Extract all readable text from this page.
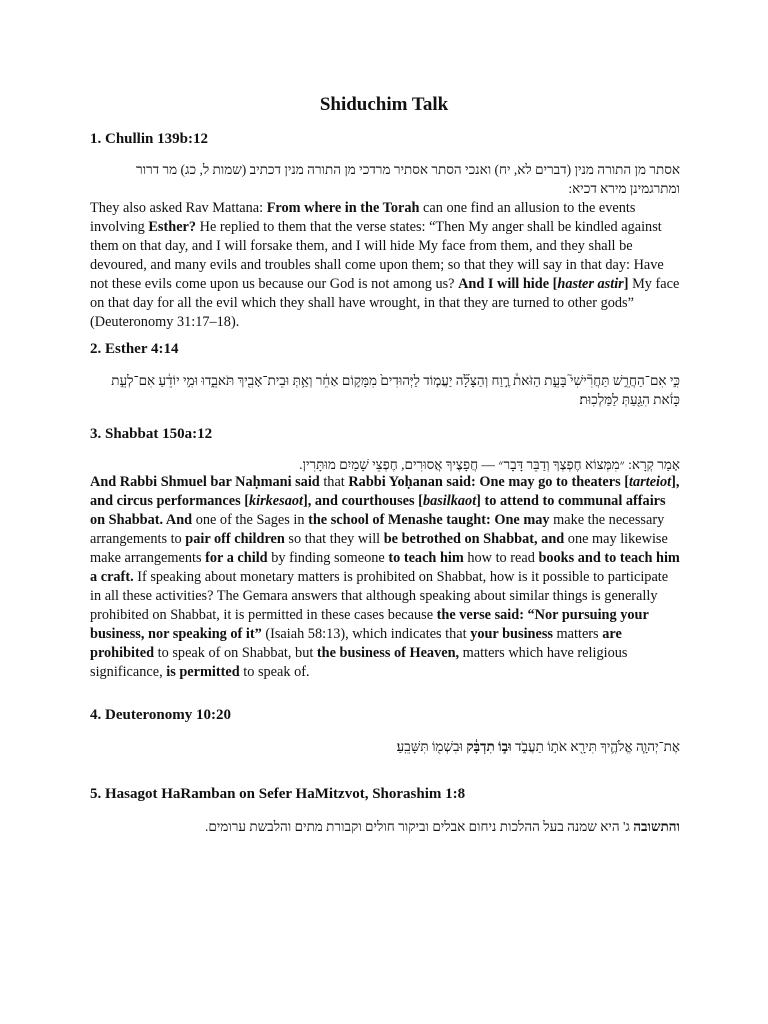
Shiduchim Talk
1. Chullin 139b:12
אסתר מן התורה מנין (דברים לא, יח) ואנכי הסתר אסתיר מרדכי מן התורה מנין דכתיב (שמות ל, כג) מר דרור ומתרגמינן מירא דכיא:
They also asked Rav Mattana: From where in the Torah can one find an allusion to the events involving Esther? He replied to them that the verse states: “Then My anger shall be kindled against them on that day, and I will forsake them, and I will hide My face from them, and they shall be devoured, and many evils and troubles shall come upon them; so that they will say in that day: Have not these evils come upon us because our God is not among us? And I will hide [haster astir] My face on that day for all the evil which they shall have wrought, in that they are turned to other gods” (Deuteronomy 31:17–18).
2. Esther 4:14
כִּ֣י אִם־הַחֲרֵ֣שׁ תַּחֲרִ֘ישִׁי֮ בָּעֵ֣ת הַזֹּאת֒ רֶ֣וַח וְהַצָּלָ֞ה יַעֲמ֤וֹד לַיְּהוּדִים֙ מִמָּק֣וֹם אַחֵ֔ר וְאַ֥תְּ וּבֵית־אָבִ֖יךְ תֹּאבֵ֑דוּ וּמִ֣י יוֹדֵ֔עַ אִם־לְעֵ֣ת כָּזֹ֔את הִגַּ֖עַתְּ לַמַּלְכֽוּת׃
3. Shabbat 150a:12
אָמַר קְרָא: ״מִמְּצוֹא חֶפְצְךָ וְדַבֵּר דָּבָר״ — חֲפָצֶיךָ אֲסוּרִים, חֶפְצֵי שָׁמַיִם מוּתָּרִין.
And Rabbi Shmuel bar Naḥmani said that Rabbi Yoḥanan said: One may go to theaters [tarteiot], and circus performances [kirkesaot], and courthouses [basilkaot] to attend to communal affairs on Shabbat. And one of the Sages in the school of Menashe taught: One may make the necessary arrangements to pair off children so that they will be betrothed on Shabbat, and one may likewise make arrangements for a child by finding someone to teach him how to read books and to teach him a craft. If speaking about monetary matters is prohibited on Shabbat, how is it possible to participate in all these activities? The Gemara answers that although speaking about similar things is generally prohibited on Shabbat, it is permitted in these cases because the verse said: “Nor pursuing your business, nor speaking of it” (Isaiah 58:13), which indicates that your business matters are prohibited to speak of on Shabbat, but the business of Heaven, matters which have religious significance, is permitted to speak of.
4. Deuteronomy 10:20
אֶת־יְהוָ֧ה אֱלֹהֶ֛יךָ תִּירָ֖א אֹת֣וֹ תַעֲבֹ֑ד וּב֣וֹ תִדְבָּ֔ק וּבִשְׁמ֖וֹ תִּשָּׁבֵֽעַ׃
5. Hasagot HaRamban on Sefer HaMitzvot, Shorashim 1:8
והתשובה ג' היא שמנה בעל ההלכות ניחום אבלים וביקור חולים וקבורת מתים והלבשת ערומים.
